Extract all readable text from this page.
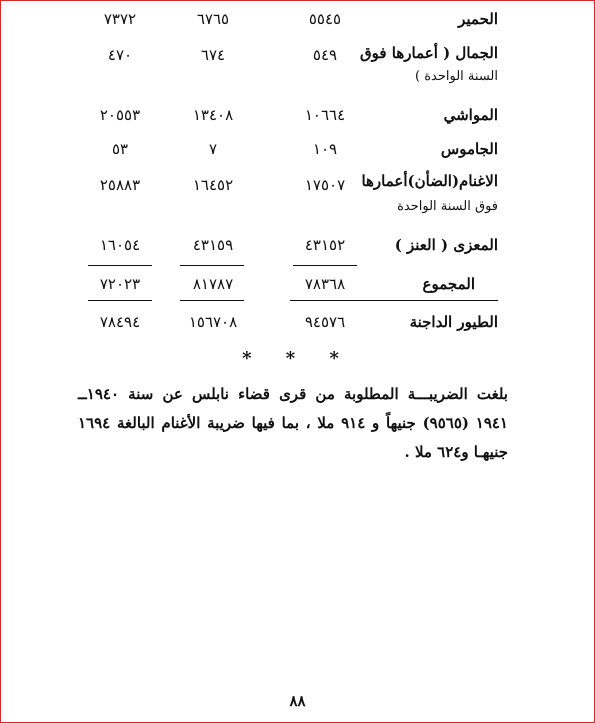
الحمير
٥٥٤٥
٦٧٦٥
٧٣٧٢
الجمال ( أعمارها فوق
السنة الواحدة )
٥٤٩
٦٧٤
٤٧٠
المواشي
١٠٦٦٤
١٣٤٠٨
٢٠٥٥٣
الجاموس
١٠٩
٧
٥٣
الاغنام(الضأن)أعمارها
فوق السنة الواحدة
١٧٥٠٧
١٦٤٥٢
٢٥٨٨٣
المعزى ( العنز )
٤٣١٥٢
٤٣١٥٩
١٦٠٥٤
المجموع
٧٨٣٦٨
٨١٧٨٧
٧٢٠٢٣
الطيور الداجنة
٩٤٥٧٦
١٥٦٧٠٨
٧٨٤٩٤
* * *
بلغت الضريبـــة المطلوبة من قرى قضاء نابلس عن سنة ١٩٤٠ــ ١٩٤١ (٩٥٦٥) جنيهاً و ٩١٤ ملا ، بما فيها ضريبة الأغنام البالغة ١٦٩٤ جنيهـا و٦٢٤ ملا .
٨٨
